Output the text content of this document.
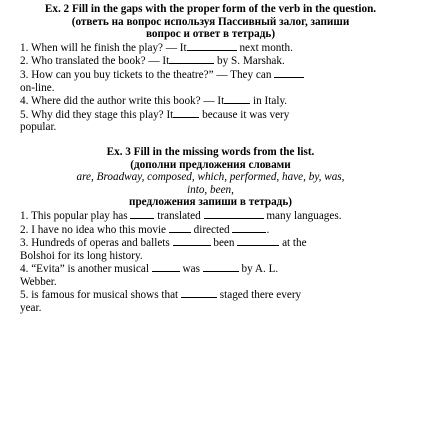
Ex. 2 Fill in the gaps with the proper form of the verb in the question.
(ответь на вопрос используя Пассивный залог, запиши
вопрос и ответ в тетрадь)
1. When will he finish the play? — It	next month.
2. Who translated the book? — It	by S. Marshak.
3. How can you buy tickets to the theatre?” — They can
on-line.
4. Where did the author write this book? — It	in Italy.
5. Why did they stage this play? It	because it was very
popular.
Ex. 3 Fill in the missing words from the list.
(дополни предложения словами
are, Broadway, composed, which, performed, have, by, was,
into, been,
предложения запиши в тетрадь)
1. This popular play has	translated	many languages.
2. I have no idea who this movie directed	.
3. Hundreds of operas and ballets	been	at the
Bolshoi for its long history.
4. “Evita” is another musical	was	by A. L.
Webber.
5. is famous for musical shows that	staged there every
year.
